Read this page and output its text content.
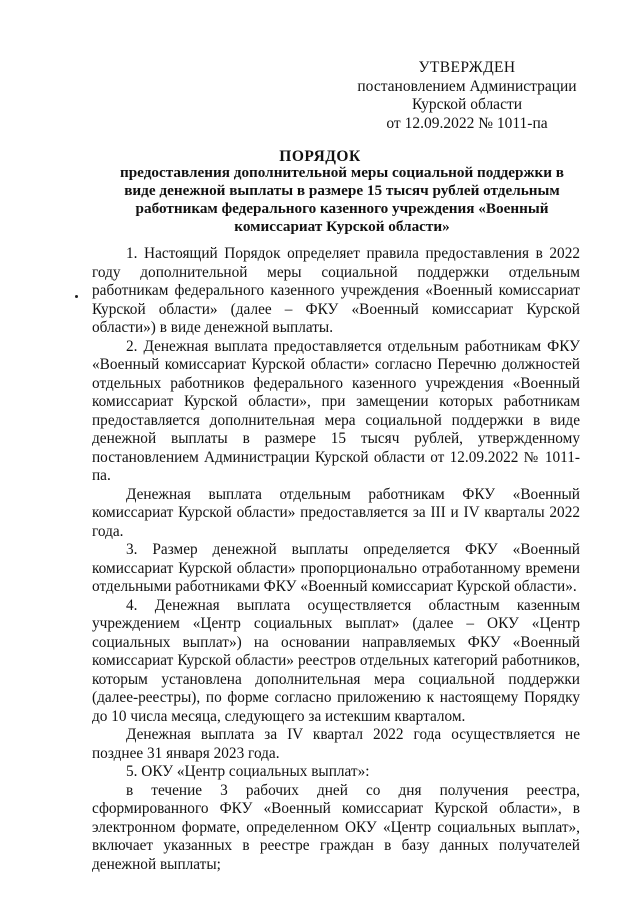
УТВЕРЖДЕН
постановлением Администрации
Курской области
от 12.09.2022 № 1011-па
ПОРЯДОК
предоставления дополнительной меры социальной поддержки в виде денежной выплаты в размере 15 тысяч рублей отдельным работникам федерального казенного учреждения «Военный комиссариат Курской области»

1. Настоящий Порядок определяет правила предоставления в 2022 году дополнительной меры социальной поддержки отдельным работникам федерального казенного учреждения «Военный комиссариат Курской области» (далее – ФКУ «Военный комиссариат Курской области») в виде денежной выплаты.

2. Денежная выплата предоставляется отдельным работникам ФКУ «Военный комиссариат Курской области» согласно Перечню должностей отдельных работников федерального казенного учреждения «Военный комиссариат Курской области», при замещении которых работникам предоставляется дополнительная мера социальной поддержки в виде денежной выплаты в размере 15 тысяч рублей, утвержденному постановлением Администрации Курской области от 12.09.2022 № 1011-па.

Денежная выплата отдельным работникам ФКУ «Военный комиссариат Курской области» предоставляется за III и IV кварталы 2022 года.

3. Размер денежной выплаты определяется ФКУ «Военный комиссариат Курской области» пропорционально отработанному времени отдельными работниками ФКУ «Военный комиссариат Курской области».

4. Денежная выплата осуществляется областным казенным учреждением «Центр социальных выплат» (далее – ОКУ «Центр социальных выплат») на основании направляемых ФКУ «Военный комиссариат Курской области» реестров отдельных категорий работников, которым установлена дополнительная мера социальной поддержки (далее-реестры), по форме согласно приложению к настоящему Порядку до 10 числа месяца, следующего за истекшим кварталом.

Денежная выплата за IV квартал 2022 года осуществляется не позднее 31 января 2023 года.

5. ОКУ «Центр социальных выплат»:

в течение 3 рабочих дней со дня получения реестра, сформированного ФКУ «Военный комиссариат Курской области», в электронном формате, определенном ОКУ «Центр социальных выплат», включает указанных в реестре граждан в базу данных получателей денежной выплаты;
